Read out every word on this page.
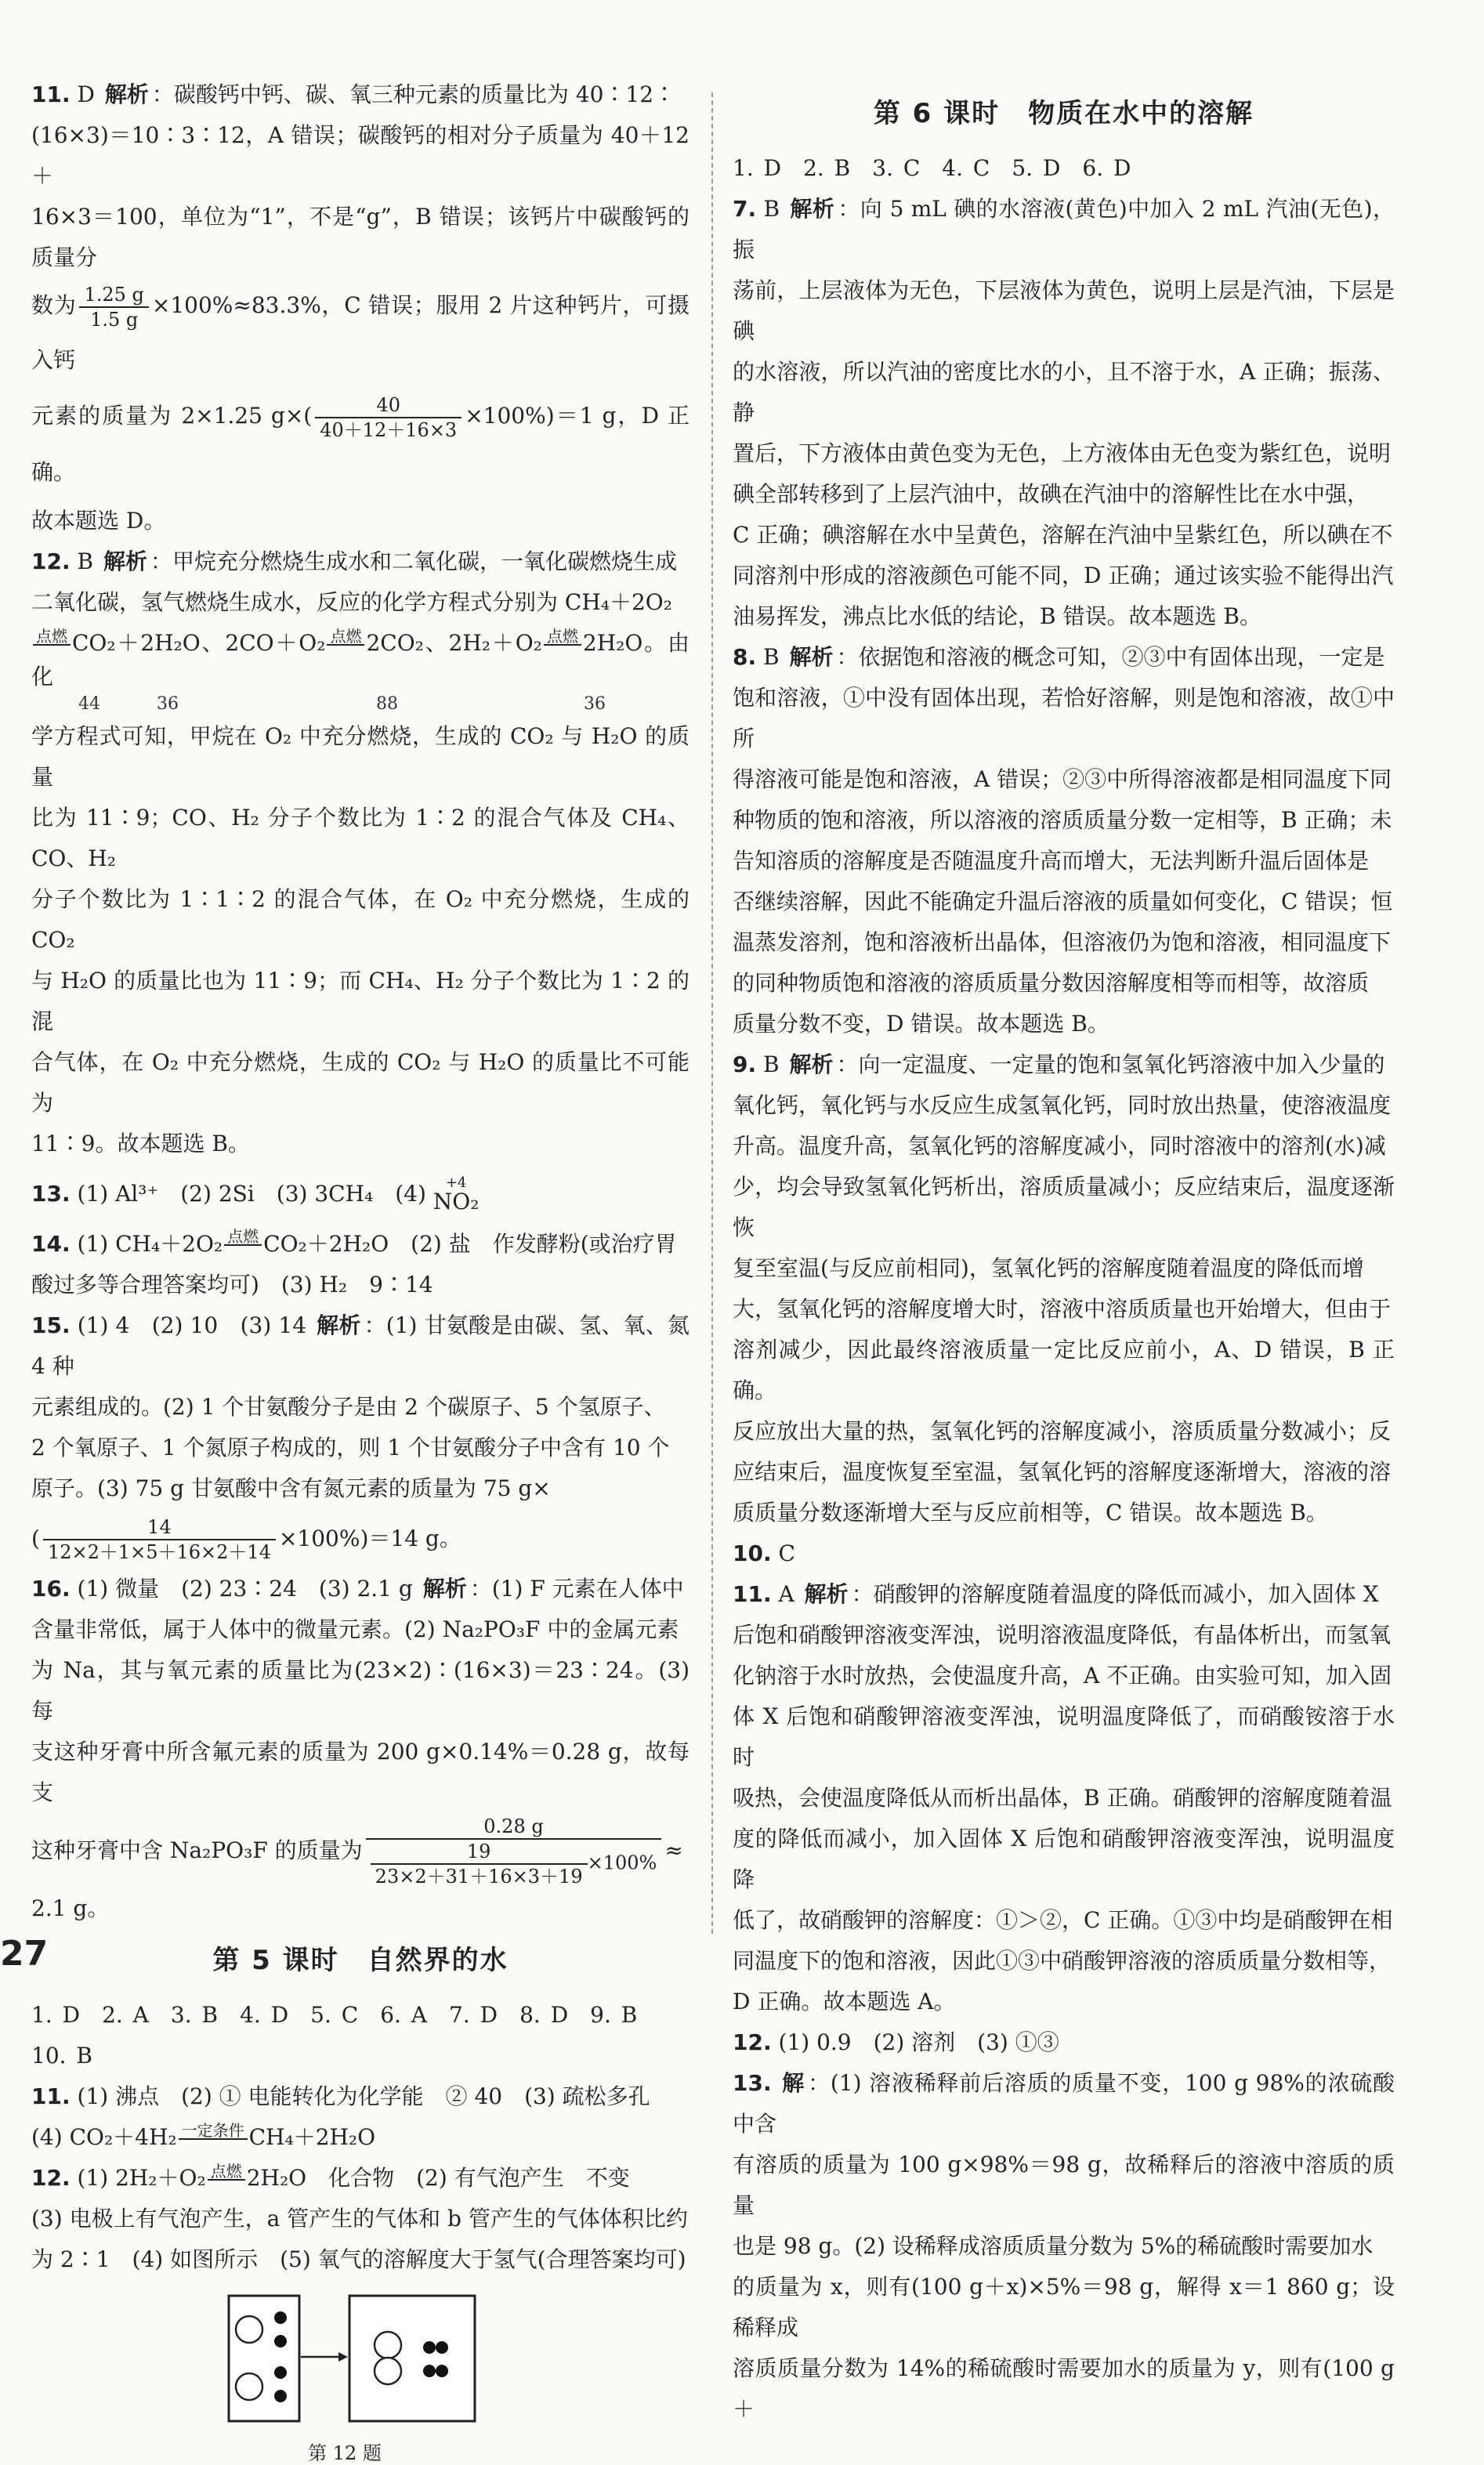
11. D 解析 ：碳酸钙中钙、碳、氧三种元素的质量比为 40∶12∶

(16×3)＝10∶3∶12，A 错误；碳酸钙的相对分子质量为 40＋12＋

16×3＝100，单位为“1”，不是“g”，B 错误；该钙片中碳酸钙的质量分

数为 $\frac{1.25 g}{1.5 g} \times 100\%\approx 83.3\%$，C 错误；服用 2 片这种钙片，可摄入钙

元素的质量为 2×1.25 $g\times( \frac{40}{40+12+16\times 3} \times 100\%)=1$ g，D 正确。

故本题选 D。

12. B 解析 ：甲烷充分燃烧生成水和二氧化碳，一氧化碳燃烧生成

二氧化碳，氢气燃烧生成水，反应的化学方程式分别为 CH₄＋2O₂

点燃 CO₂＋2H₂O、2CO＋O₂ 点燃 2CO₂、2H₂＋O₂ 点燃 2H₂O。由化

44	36	88	36

学方程式可知，甲烷在 O₂ 中充分燃烧，生成的 CO₂ 与 H₂O 的质量

比为 11∶9；CO、H₂ 分子个数比为 1∶2 的混合气体及 CH₄、CO、H₂

分子个数比为 1∶1∶2 的混合气体，在 O₂ 中充分燃烧，生成的 CO₂

与 H₂O 的质量比也为 11∶9；而 CH₄、H₂ 分子个数比为 1∶2 的混

合气体，在 O₂ 中充分燃烧，生成的 CO₂ 与 H₂O 的质量比不可能为

11∶9。故本题选 B。

13. (1) Al³⁺　(2) 2Si　(3) 3CH₄　(4) +4
NO₂

14. (1) CH₄＋2O₂ 点燃 CO₂＋2H₂O　(2) 盐　作发酵粉(或治疗胃

酸过多等合理答案均可)　(3) H₂　9∶14

15. (1) 4　(2) 10　(3) 14 解析 ：(1) 甘氨酸是由碳、氢、氧、氮 4 种

元素组成的。(2) 1 个甘氨酸分子是由 2 个碳原子、5 个氢原子、

2 个氧原子、1 个氮原子构成的，则 1 个甘氨酸分子中含有 10 个

原子。(3) 75 g 甘氨酸中含有氮元素的质量为 75 g×

( $\frac{14}{12\times 2+1\times 5+16\times 2+14} \times 100\%)=14$ g。

16. (1) 微量　(2) 23∶24　(3) 2.1 g 解析 ：(1) F 元素在人体中

含量非常低，属于人体中的微量元素。(2) Na₂PO₃F 中的金属元素

为 Na，其与氧元素的质量比为(23×2)∶(16×3)＝23∶24。(3) 每

支这种牙膏中所含氟元素的质量为 200 g×0.14%＝0.28 g，故每支

这种牙膏中含 Na₂PO₃F 的质量为 $\frac{0.28 g}{\frac{19}{23\times 2+31+16\times 3+19} \times 100\%}$ ≈

2.1 g。

第 5 课时　自然界的水

1. D　2. A　3. B　4. D　5. C　6. A　7. D　8. D　9. B　10. B

11. (1) 沸点　(2) ① 电能转化为化学能　② 40　(3) 疏松多孔

(4) CO₂＋4H₂ 一定条件 CH₄＋2H₂O

12. (1) 2H₂＋O₂ 点燃 2H₂O　化合物　(2) 有气泡产生　不变

(3) 电极上有气泡产生，a 管产生的气体和 b 管产生的气体体积比约

为 2∶1　(4) 如图所示　(5) 氧气的溶解度大于氢气(合理答案均可)

第 12 题
第 6 课时　物质在水中的溶解

1. D　2. B　3. C　4. C　5. D　6. D

7. B 解析 ：向 5 mL 碘的水溶液(黄色)中加入 2 mL 汽油(无色)，振

荡前，上层液体为无色，下层液体为黄色，说明上层是汽油，下层是碘

的水溶液，所以汽油的密度比水的小，且不溶于水，A 正确；振荡、静

置后，下方液体由黄色变为无色，上方液体由无色变为紫红色，说明

碘全部转移到了上层汽油中，故碘在汽油中的溶解性比在水中强，

C 正确；碘溶解在水中呈黄色，溶解在汽油中呈紫红色，所以碘在不

同溶剂中形成的溶液颜色可能不同，D 正确；通过该实验不能得出汽

油易挥发，沸点比水低的结论，B 错误。故本题选 B。

8. B 解析 ：依据饱和溶液的概念可知，②③中有固体出现，一定是

饱和溶液，①中没有固体出现，若恰好溶解，则是饱和溶液，故①中所

得溶液可能是饱和溶液，A 错误；②③中所得溶液都是相同温度下同

种物质的饱和溶液，所以溶液的溶质质量分数一定相等，B 正确；未

告知溶质的溶解度是否随温度升高而增大，无法判断升温后固体是

否继续溶解，因此不能确定升温后溶液的质量如何变化，C 错误；恒

温蒸发溶剂，饱和溶液析出晶体，但溶液仍为饱和溶液，相同温度下

的同种物质饱和溶液的溶质质量分数因溶解度相等而相等，故溶质

质量分数不变，D 错误。故本题选 B。

9. B 解析 ：向一定温度、一定量的饱和氢氧化钙溶液中加入少量的

氧化钙，氧化钙与水反应生成氢氧化钙，同时放出热量，使溶液温度

升高。温度升高，氢氧化钙的溶解度减小，同时溶液中的溶剂(水)减

少，均会导致氢氧化钙析出，溶质质量减小；反应结束后，温度逐渐恢

复至室温(与反应前相同)，氢氧化钙的溶解度随着温度的降低而增

大，氢氧化钙的溶解度增大时，溶液中溶质质量也开始增大，但由于

溶剂减少，因此最终溶液质量一定比反应前小，A、D 错误，B 正确。

反应放出大量的热，氢氧化钙的溶解度减小，溶质质量分数减小；反

应结束后，温度恢复至室温，氢氧化钙的溶解度逐渐增大，溶液的溶

质质量分数逐渐增大至与反应前相等，C 错误。故本题选 B。

10. C

11. A 解析 ：硝酸钾的溶解度随着温度的降低而减小，加入固体 X

后饱和硝酸钾溶液变浑浊，说明溶液温度降低，有晶体析出，而氢氧

化钠溶于水时放热，会使温度升高，A 不正确。由实验可知，加入固

体 X 后饱和硝酸钾溶液变浑浊，说明温度降低了，而硝酸铵溶于水时

吸热，会使温度降低从而析出晶体，B 正确。硝酸钾的溶解度随着温

度的降低而减小，加入固体 X 后饱和硝酸钾溶液变浑浊，说明温度降

低了，故硝酸钾的溶解度：①＞②，C 正确。①③中均是硝酸钾在相

同温度下的饱和溶液，因此①③中硝酸钾溶液的溶质质量分数相等，

D 正确。故本题选 A。

12. (1) 0.9　(2) 溶剂　(3) ①③

13. 解 ：(1) 溶液稀释前后溶质的质量不变，100 g 98%的浓硫酸中含

有溶质的质量为 100 g×98%＝98 g，故稀释后的溶液中溶质的质量

也是 98 g。(2) 设稀释成溶质质量分数为 5%的稀硫酸时需要加水

的质量为 x，则有(100 g＋x)×5%＝98 g，解得 x＝1 860 g；设稀释成

溶质质量分数为 14%的稀硫酸时需要加水的质量为 y，则有(100 g＋

27
